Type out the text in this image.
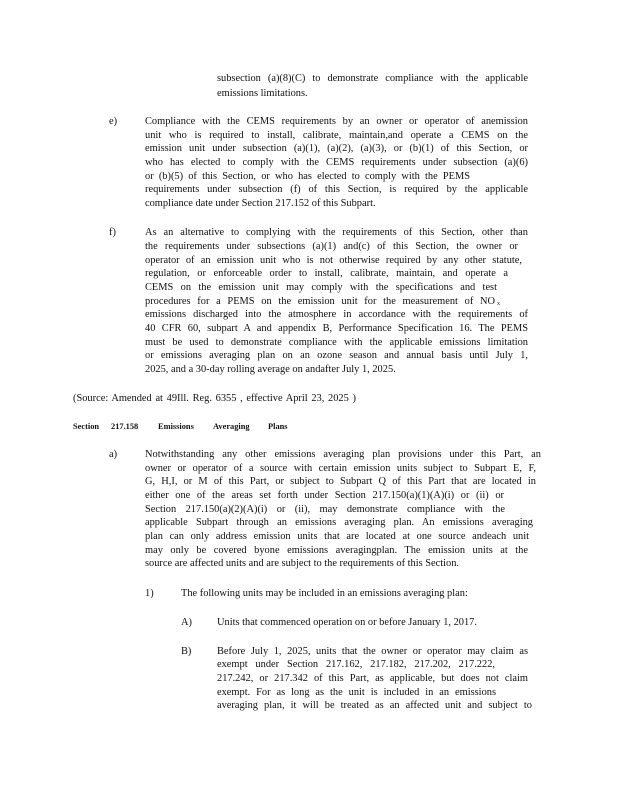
subsection (a)(8)(C) to demonstrate compliance with the applicable
emissions limitations.
e)	Compliance with the CEMS requirements by an owner or operator of anemission
unit who is required to install, calibrate, maintain,and operate a CEMS on the
emission unit under subsection (a)(1), (a)(2), (a)(3), or (b)(1) of this Section, or
who has elected to comply with the CEMS requirements under subsection (a)(6)
or (b)(5) of this Section, or who has elected to comply with the PEMS
requirements under subsection (f) of this Section, is required by the applicable
compliance date under Section 217.152 of this Subpart.
f)	As an alternative to complying with the requirements of this Section, other than
the requirements under subsections (a)(1) and(c) of this Section, the owner or
operator of an emission unit who is not otherwise required by any other statute,
regulation, or enforceable order to install, calibrate, maintain, and operate a
CEMS on the emission unit may comply with the specifications and test
procedures for a PEMS on the emission unit for the measurement of NO x
emissions discharged into the atmosphere in accordance with the requirements of
40 CFR 60, subpart A and appendix B, Performance Specification 16. The PEMS
must be used to demonstrate compliance with the applicable emissions limitation
or emissions averaging plan on an ozone season and annual basis until July 1,
2025, and a 30-day rolling average on andafter July 1, 2025.
(Source: Amended at 49Ill. Reg. 6355 , effective April 23, 2025 )
Section 217.158 Emissions Averaging Plans
a)	Notwithstanding any other emissions averaging plan provisions under this Part, an
owner or operator of a source with certain emission units subject to Subpart E, F,
G, H,I, or M of this Part, or subject to Subpart Q of this Part that are located in
either one of the areas set forth under Section 217.150(a)(1)(A)(i) or (ii) or
Section 217.150(a)(2)(A)(i) or (ii), may demonstrate compliance with the
applicable Subpart through an emissions averaging plan. An emissions averaging
plan can only address emission units that are located at one source andeach unit
may only be covered byone emissions averagingplan. The emission units at the
source are affected units and are subject to the requirements of this Section.
1)	The following units may be included in an emissions averaging plan:
A) Units that commenced operation on or before January 1, 2017.
B) Before July 1, 2025, units that the owner or operator may claim as
exempt under Section 217.162, 217.182, 217.202, 217.222,
217.242, or 217.342 of this Part, as applicable, but does not claim
exempt. For as long as the unit is included in an emissions
averaging plan, it will be treated as an affected unit and subject to
